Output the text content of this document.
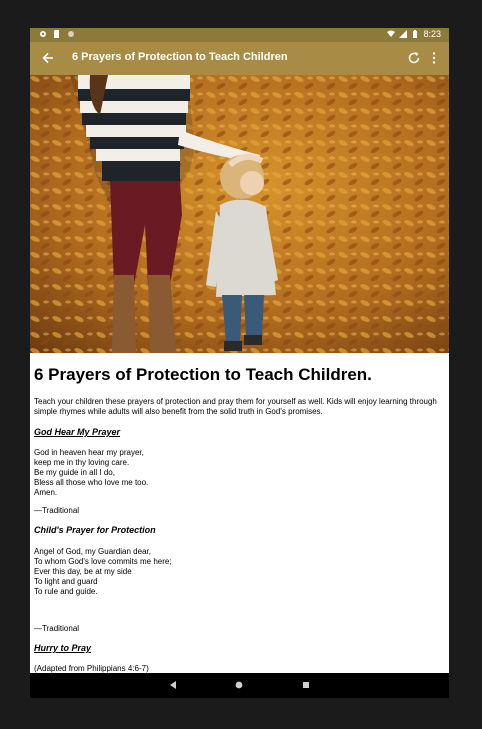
8:23
6 Prayers of Protection to Teach Children
6 Prayers of Protection to Teach Children.

Teach your children these prayers of protection and pray them for yourself as well. Kids will enjoy learning through simple rhymes while adults will also benefit from the solid truth in God's promises.

God Hear My Prayer

God in heaven hear my prayer,
keep me in thy loving care.
Be my guide in all I do,
Bless all those who love me too.
Amen.

—Traditional

Child's Prayer for Protection

Angel of God, my Guardian dear,
To whom God's love commits me here;
Ever this day, be at my side
To light and guard
To rule and guide.

—Traditional

Hurry to Pray

(Adapted from Philippians 4:6-7)
